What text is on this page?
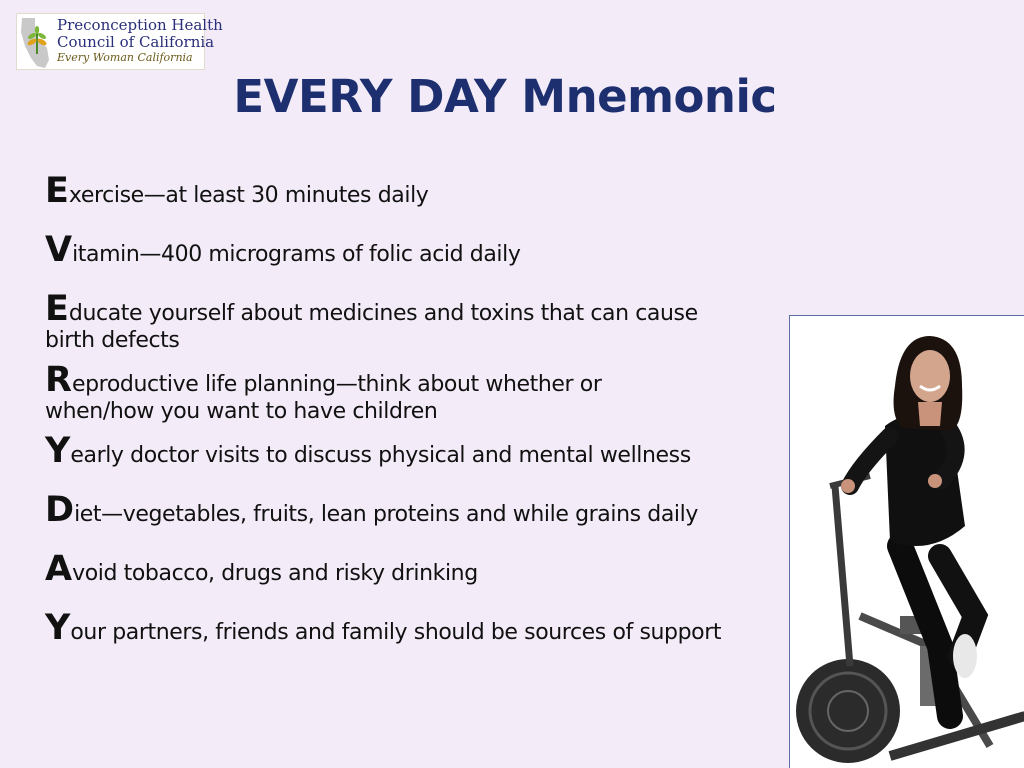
Preconception Health
Council of California
Every Woman California
EVERY DAY Mnemonic
Exercise—at least 30 minutes daily
Vitamin—400 micrograms of folic acid daily
Educate yourself about medicines and toxins that can cause
birth defects
Reproductive life planning—think about whether or
when/how you want to have children
Yearly doctor visits to discuss physical and mental wellness
Diet—vegetables, fruits, lean proteins and while grains daily
Avoid tobacco, drugs and risky drinking
Your partners, friends and family should be sources of support
